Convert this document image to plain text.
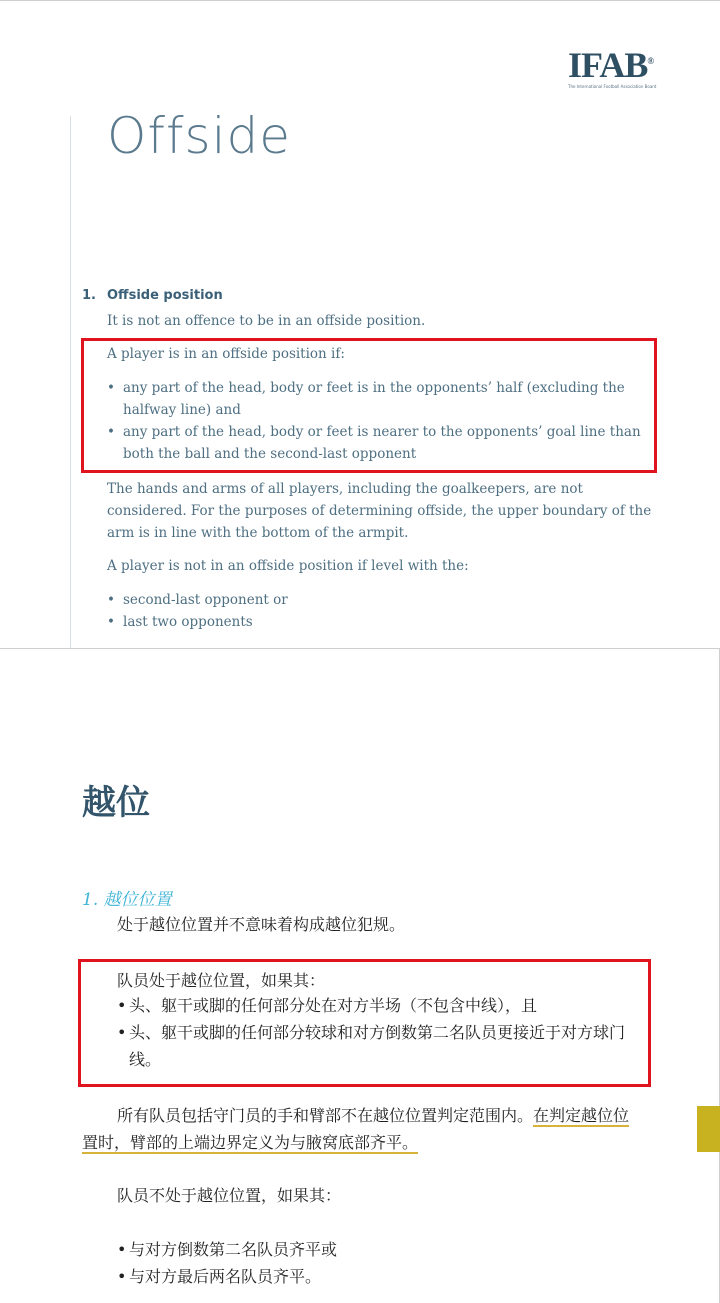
IFAB®
The International Football Association Board
Offside
1. Offside position

It is not an offence to be in an offside position.

A player is in an offside position if:

• any part of the head, body or feet is in the opponents’ half (excluding the halfway line) and
• any part of the head, body or feet is nearer to the opponents’ goal line than both the ball and the second-last opponent

The hands and arms of all players, including the goalkeepers, are not considered. For the purposes of determining offside, the upper boundary of the arm is in line with the bottom of the armpit.

A player is not in an offside position if level with the:

• second-last opponent or
• last two opponents
越位
1. 越位位置

处于越位位置并不意味着构成越位犯规。

队员处于越位位置，如果其：

• 头、躯干或脚的任何部分处在对方半场（不包含中线），且
• 头、躯干或脚的任何部分较球和对方倒数第二名队员更接近于对方球门线。

所有队员包括守门员的手和臂部不在越位位置判定范围内。在判定越位位置时，臂部的上端边界定义为与腋窝底部齐平。

队员不处于越位位置，如果其：

• 与对方倒数第二名队员齐平或
• 与对方最后两名队员齐平。
